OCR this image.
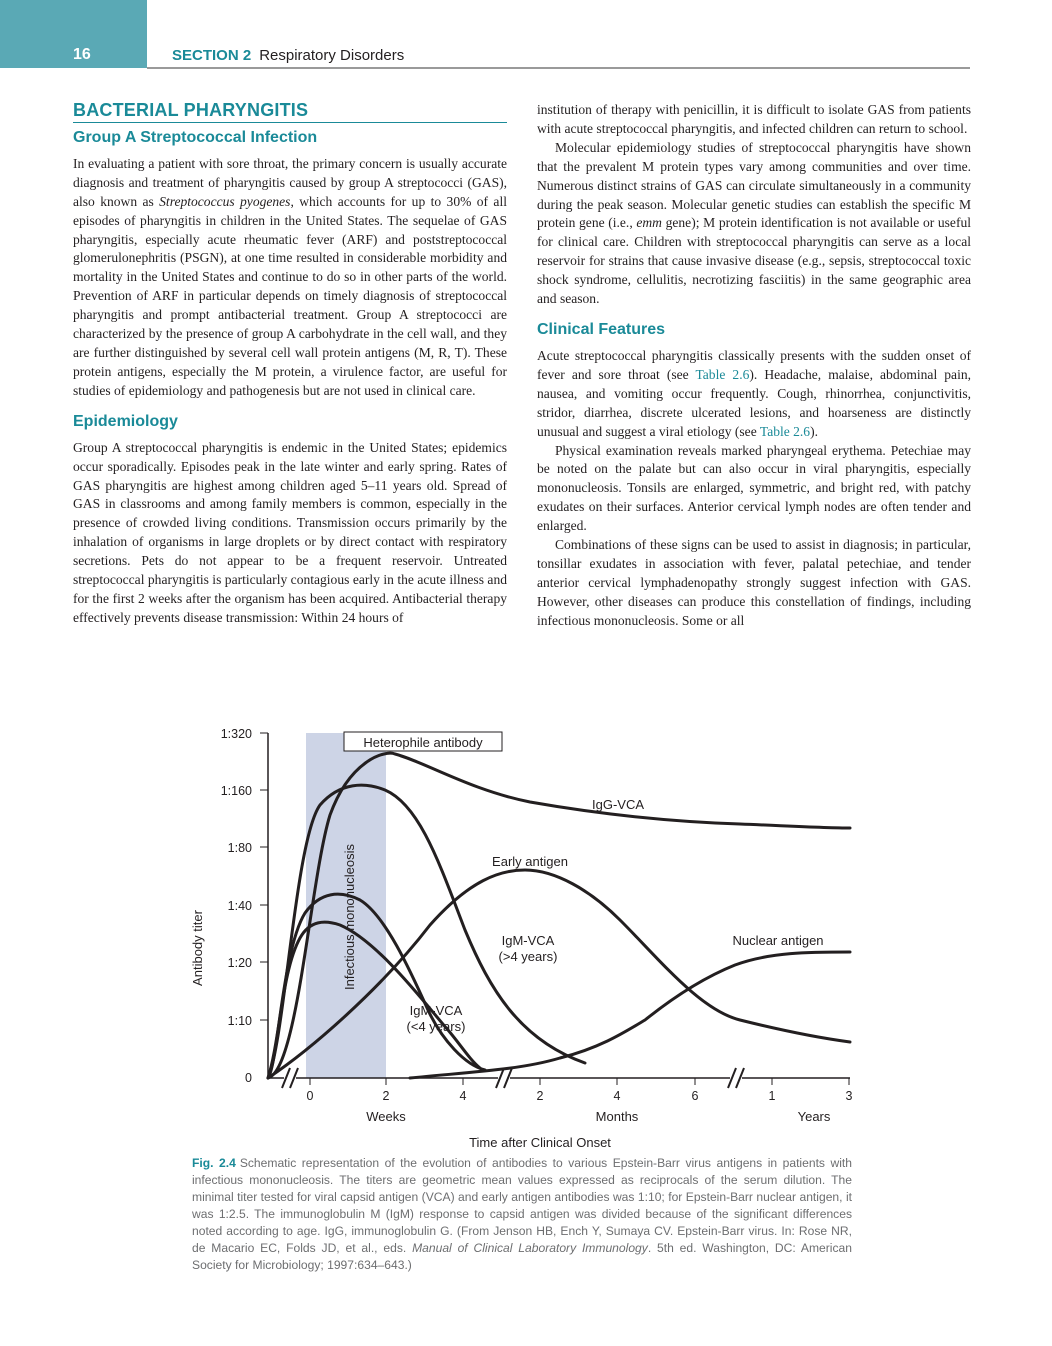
16	SECTION 2 Respiratory Disorders
BACTERIAL PHARYNGITIS
Group A Streptococcal Infection

In evaluating a patient with sore throat, the primary concern is usually accurate diagnosis and treatment of pharyngitis caused by group A streptococci (GAS), also known as Streptococcus pyogenes, which accounts for up to 30% of all episodes of pharyngitis in children in the United States. The sequelae of GAS pharyngitis, especially acute rheumatic fever (ARF) and poststreptococcal glomerulonephritis (PSGN), at one time resulted in considerable morbidity and mortality in the United States and continue to do so in other parts of the world. Prevention of ARF in particular depends on timely diagnosis of streptococcal pharyngitis and prompt antibacterial treatment. Group A streptococci are characterized by the presence of group A carbohydrate in the cell wall, and they are further distinguished by several cell wall protein antigens (M, R, T). These protein antigens, especially the M protein, a virulence factor, are useful for studies of epidemiology and pathogenesis but are not used in clinical care.

Epidemiology

Group A streptococcal pharyngitis is endemic in the United States; epidemics occur sporadically. Episodes peak in the late winter and early spring. Rates of GAS pharyngitis are highest among children aged 5–11 years old. Spread of GAS in classrooms and among family members is common, especially in the presence of crowded living conditions. Transmission occurs primarily by the inhalation of organisms in large droplets or by direct contact with respiratory secretions. Pets do not appear to be a frequent reservoir. Untreated streptococcal pharyngitis is particularly contagious early in the acute illness and for the first 2 weeks after the organism has been acquired. Antibacterial therapy effectively prevents disease transmission: Within 24 hours of

institution of therapy with penicillin, it is difficult to isolate GAS from patients with acute streptococcal pharyngitis, and infected children can return to school.

Molecular epidemiology studies of streptococcal pharyngitis have shown that the prevalent M protein types vary among communities and over time. Numerous distinct strains of GAS can circulate simultaneously in a community during the peak season. Molecular genetic studies can establish the specific M protein gene (i.e., emm gene); M protein identification is not available or useful for clinical care. Children with streptococcal pharyngitis can serve as a local reservoir for strains that cause invasive disease (e.g., sepsis, streptococcal toxic shock syndrome, cellulitis, necrotizing fasciitis) in the same geographic area and season.

Clinical Features

Acute streptococcal pharyngitis classically presents with the sudden onset of fever and sore throat (see Table 2.6). Headache, malaise, abdominal pain, nausea, and vomiting occur frequently. Cough, rhinorrhea, conjunctivitis, stridor, diarrhea, discrete ulcerated lesions, and hoarseness are distinctly unusual and suggest a viral etiology (see Table 2.6).

Physical examination reveals marked pharyngeal erythema. Petechiae may be noted on the palate but can also occur in viral pharyngitis, especially mononucleosis. Tonsils are enlarged, symmetric, and bright red, with patchy exudates on their surfaces. Anterior cervical lymph nodes are often tender and enlarged.

Combinations of these signs can be used to assist in diagnosis; in particular, tonsillar exudates in association with fever, palatal petechiae, and tender anterior cervical lymphadenopathy strongly suggest infection with GAS. However, other diseases can produce this constellation of findings, including infectious mononucleosis. Some or all

Infectious mononucleosis
1:320
1:160
1:80
1:40
1:20
1:10
0
Antibody titer
0	2	4	2	4	6	1	3
Weeks	Months	Years
Time after Clinical Onset
Heterophile antibody
IgG-VCA
Early antigen
IgM-VCA
(>4 years)
Nuclear antigen
IgM-VCA
(<4 years)
Fig. 2.4 Schematic representation of the evolution of antibodies to various Epstein-Barr virus antigens in patients with infectious mononucleosis. The titers are geometric mean values expressed as reciprocals of the serum dilution. The minimal titer tested for viral capsid antigen (VCA) and early antigen antibodies was 1:10; for Epstein-Barr nuclear antigen, it was 1:2.5. The immunoglobulin M (IgM) response to capsid antigen was divided because of the significant differences noted according to age. IgG, immunoglobulin G. (From Jenson HB, Ench Y, Sumaya CV. Epstein-Barr virus. In: Rose NR, de Macario EC, Folds JD, et al., eds. Manual of Clinical Laboratory Immunology. 5th ed. Washington, DC: American Society for Microbiology; 1997:634–643.)
